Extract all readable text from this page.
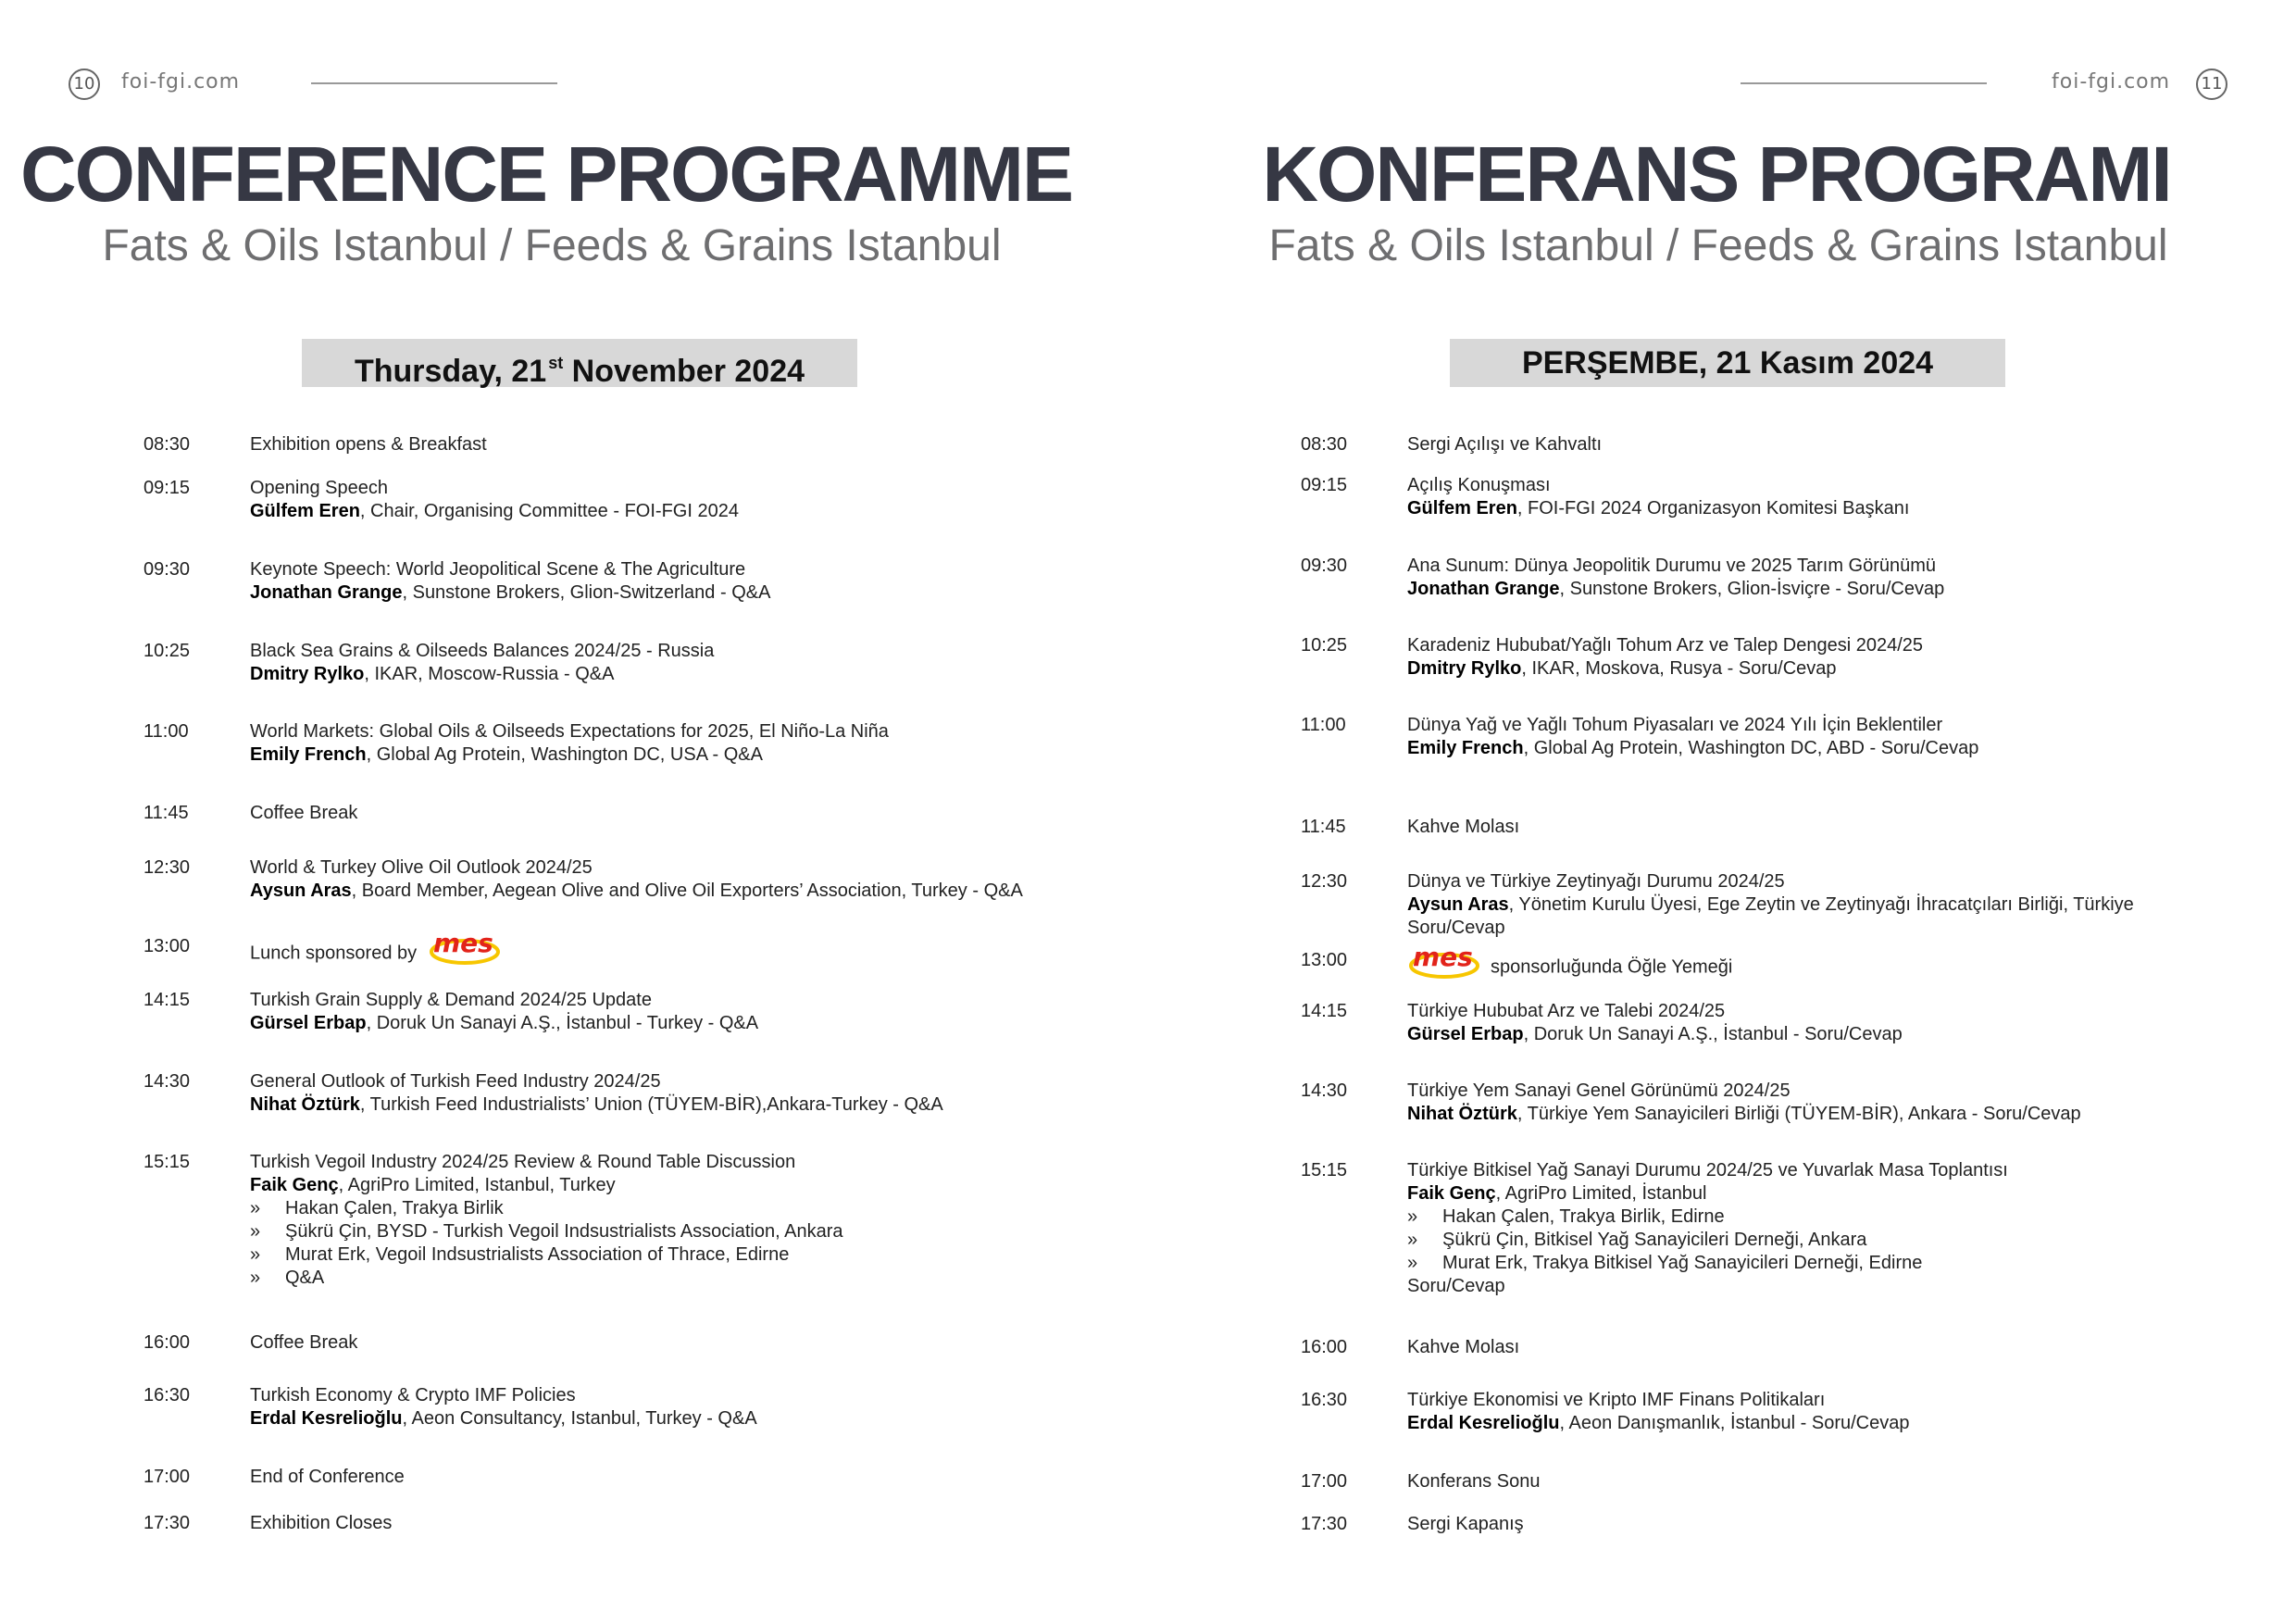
10 foi-fgi.com
CONFERENCE PROGRAMME
Fats & Oils Istanbul / Feeds & Grains Istanbul
Thursday, 21 $^{st}$ November 2024
08:30	Exhibition opens & Breakfast
09:15	Opening Speech
Gülfem Eren, Chair, Organising Committee - FOI-FGI 2024
09:30	Keynote Speech: World Jeopolitical Scene & The Agriculture
Jonathan Grange, Sunstone Brokers, Glion-Switzerland - Q&A
10:25	Black Sea Grains & Oilseeds Balances 2024/25 - Russia
Dmitry Rylko, IKAR, Moscow-Russia - Q&A
11:00	World Markets: Global Oils & Oilseeds Expectations for 2025, El Niño-La Niña
Emily French, Global Ag Protein, Washington DC, USA - Q&A
11:45	Coffee Break
12:30	World & Turkey Olive Oil Outlook 2024/25
Aysun Aras, Board Member, Aegean Olive and Olive Oil Exporters’ Association, Turkey - Q&A
13:00	Lunch sponsored by mes
14:15	Turkish Grain Supply & Demand 2024/25 Update
Gürsel Erbap, Doruk Un Sanayi A.Ş., İstanbul - Turkey - Q&A
14:30	General Outlook of Turkish Feed Industry 2024/25
Nihat Öztürk, Turkish Feed Industrialists’ Union (TÜYEM-BİR),Ankara-Turkey - Q&A
15:15	Turkish Vegoil Industry 2024/25 Review & Round Table Discussion
Faik Genç, AgriPro Limited, Istanbul, Turkey
» Hakan Çalen, Trakya Birlik
» Şükrü Çin, BYSD - Turkish Vegoil Indsustrialists Association, Ankara
» Murat Erk, Vegoil Indsustrialists Association of Thrace, Edirne
» Q&A
16:00	Coffee Break
16:30	Turkish Economy & Crypto IMF Policies
Erdal Kesrelioğlu, Aeon Consultancy, Istanbul, Turkey - Q&A
17:00	End of Conference
17:30	Exhibition Closes
foi-fgi.com	11
KONFERANS PROGRAMI
Fats & Oils Istanbul / Feeds & Grains Istanbul
PERŞEMBE, 21 Kasım 2024
08:30	Sergi Açılışı ve Kahvaltı
09:15	Açılış Konuşması
Gülfem Eren, FOI-FGI 2024 Organizasyon Komitesi Başkanı
09:30	Ana Sunum: Dünya Jeopolitik Durumu ve 2025 Tarım Görünümü
Jonathan Grange, Sunstone Brokers, Glion-İsviçre - Soru/Cevap
10:25	Karadeniz Hububat/Yağlı Tohum Arz ve Talep Dengesi 2024/25
Dmitry Rylko, IKAR, Moskova, Rusya - Soru/Cevap
11:00	Dünya Yağ ve Yağlı Tohum Piyasaları ve 2024 Yılı İçin Beklentiler
Emily French, Global Ag Protein, Washington DC, ABD - Soru/Cevap
11:45	Kahve Molası
12:30	Dünya ve Türkiye Zeytinyağı Durumu 2024/25
Aysun Aras, Yönetim Kurulu Üyesi, Ege Zeytin ve Zeytinyağı İhracatçıları Birliği, Türkiye
Soru/Cevap
13:00	mes sponsorluğunda Öğle Yemeği
14:15	Türkiye Hububat Arz ve Talebi 2024/25
Gürsel Erbap, Doruk Un Sanayi A.Ş., İstanbul - Soru/Cevap
14:30	Türkiye Yem Sanayi Genel Görünümü 2024/25
Nihat Öztürk, Türkiye Yem Sanayicileri Birliği (TÜYEM-BİR), Ankara - Soru/Cevap
15:15	Türkiye Bitkisel Yağ Sanayi Durumu 2024/25 ve Yuvarlak Masa Toplantısı
Faik Genç, AgriPro Limited, İstanbul
» Hakan Çalen, Trakya Birlik, Edirne
» Şükrü Çin, Bitkisel Yağ Sanayicileri Derneği, Ankara
» Murat Erk, Trakya Bitkisel Yağ Sanayicileri Derneği, Edirne
Soru/Cevap
16:00	Kahve Molası
16:30	Türkiye Ekonomisi ve Kripto IMF Finans Politikaları
Erdal Kesrelioğlu, Aeon Danışmanlık, İstanbul - Soru/Cevap
17:00	Konferans Sonu
17:30	Sergi Kapanış
